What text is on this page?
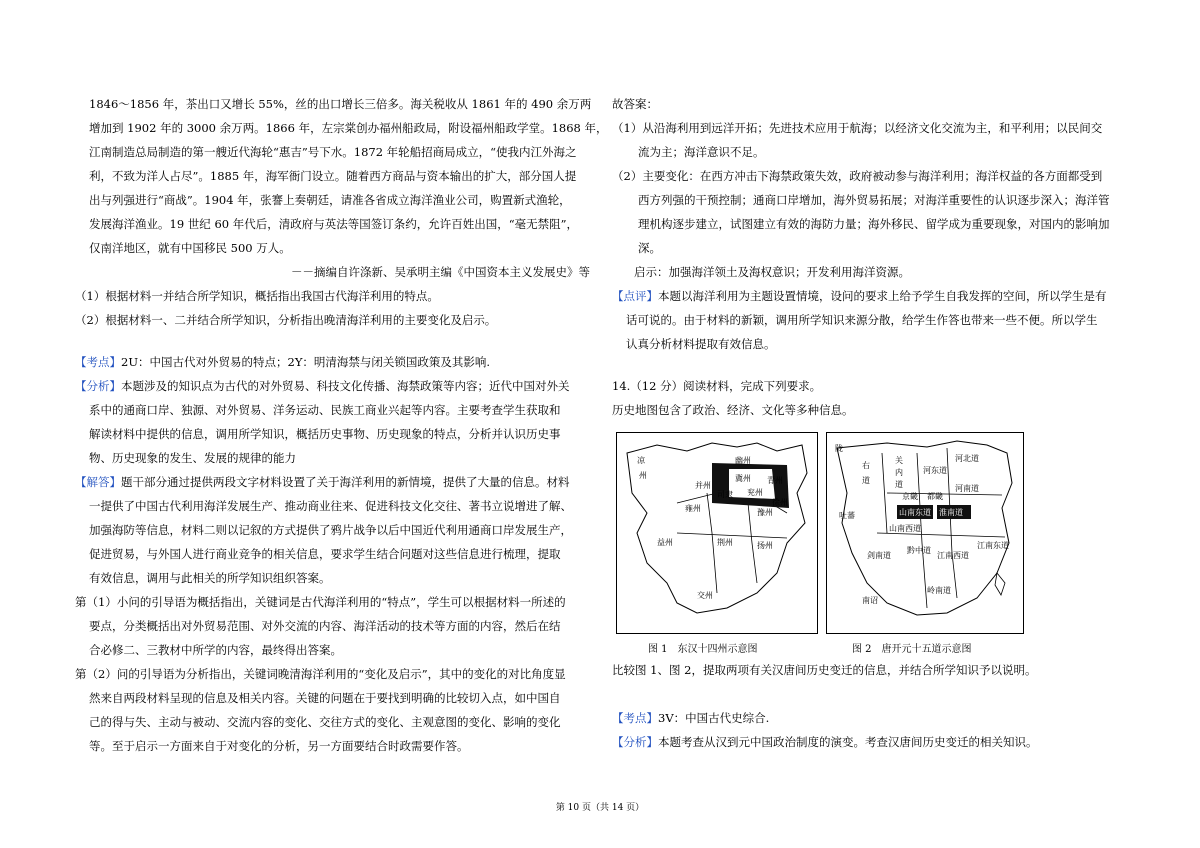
1846～1856 年，茶出口又增长 55%，丝的出口增长三倍多。海关税收从 1861 年的 490 余万两
增加到 1902 年的 3000 余万两。1866 年，左宗棠创办福州船政局，附设福州船政学堂。1868 年，
江南制造总局制造的第一艘近代海轮“惠吉”号下水。1872 年轮船招商局成立，“使我内江外海之
利，不致为洋人占尽”。1885 年，海军衙门设立。随着西方商品与资本输出的扩大，部分国人提
出与列强进行“商战”。1904 年，张謇上奏朝廷，请准各省成立海洋渔业公司，购置新式渔轮，
发展海洋渔业。19 世纪 60 年代后，清政府与英法等国签订条约，允许百姓出国，“毫无禁阻”，
仅南洋地区，就有中国移民 500 万人。
－－摘编自许涤新、吴承明主编《中国资本主义发展史》等
（1）根据材料一并结合所学知识，概括指出我国古代海洋利用的特点。
（2）根据材料一、二并结合所学知识，分析指出晚清海洋利用的主要变化及启示。
【考点】2U：中国古代对外贸易的特点；2Y：明清海禁与闭关锁国政策及其影响.
【分析】本题涉及的知识点为古代的对外贸易、科技文化传播、海禁政策等内容；近代中国对外关
系中的通商口岸、独源、对外贸易、洋务运动、民族工商业兴起等内容。主要考查学生获取和
解读材料中提供的信息，调用所学知识，概括历史事物、历史现象的特点，分析并认识历史事
物、历史现象的发生、发展的规律的能力
【解答】题干部分通过提供两段文字材料设置了关于海洋利用的新情境，提供了大量的信息。材料
一提供了中国古代利用海洋发展生产、推动商业往来、促进科技文化交往、著书立说增进了解、
加强海防等信息，材料二则以记叙的方式提供了鸦片战争以后中国近代利用通商口岸发展生产，
促进贸易，与外国人进行商业竞争的相关信息，要求学生结合问题对这些信息进行梳理，提取
有效信息，调用与此相关的所学知识组织答案。
第（1）小问的引导语为概括指出，关键词是古代海洋利用的“特点”，学生可以根据材料一所述的
要点，分类概括出对外贸易范围、对外交流的内容、海洋活动的技术等方面的内容，然后在结
合必修二、三教材中所学的内容，最终得出答案。
第（2）问的引导语为分析指出，关键词晚清海洋利用的“变化及启示”，其中的变化的对比角度显
然来自两段材料呈现的信息及相关内容。关键的问题在于要找到明确的比较切入点，如中国自
己的得与失、主动与被动、交流内容的变化、交往方式的变化、主观意图的变化、影响的变化
等。至于启示一方面来自于对变化的分析，另一方面要结合时政需要作答。
故答案：
（1）从沿海利用到远洋开拓；先进技术应用于航海；以经济文化交流为主，和平利用；以民间交
流为主；海洋意识不足。
（2）主要变化：在西方冲击下海禁政策失效，政府被动参与海洋利用；海洋权益的各方面都受到
西方列强的干预控制；通商口岸增加，海外贸易拓展；对海洋重要性的认识逐步深入；海洋管
理机构逐步建立，试图建立有效的海防力量；海外移民、留学成为重要现象，对国内的影响加
深。
启示：加强海洋领土及海权意识；开发利用海洋资源。
【点评】本题以海洋利用为主题设置情境，设问的要求上给予学生自我发挥的空间，所以学生是有
话可说的。由于材料的新颖，调用所学知识来源分散，给学生作答也带来一些不便。所以学生
认真分析材料提取有效信息。
14.（12 分）阅读材料，完成下列要求。
历史地图包含了政治、经济、文化等多种信息。
凉
州
并州
幽州
冀州 青州
兖州
徐州
司隶
豫州
雍州
益州	荆州	扬州
交州
陇
右
道
关
内
道
河北道
河东道
河南道
山南东道 淮南道
山南西道
京畿 都畿
剑南道
黔中道
江南西道
江南东道
岭南道
吐蕃
南诏
图 1　东汉十四州示意图	图 2　唐开元十五道示意图
比较图 1、图 2，提取两项有关汉唐间历史变迁的信息，并结合所学知识予以说明。
【考点】3V：中国古代史综合.
【分析】本题考查从汉到元中国政治制度的演变。考查汉唐间历史变迁的相关知识。
第 10 页（共 14 页）
